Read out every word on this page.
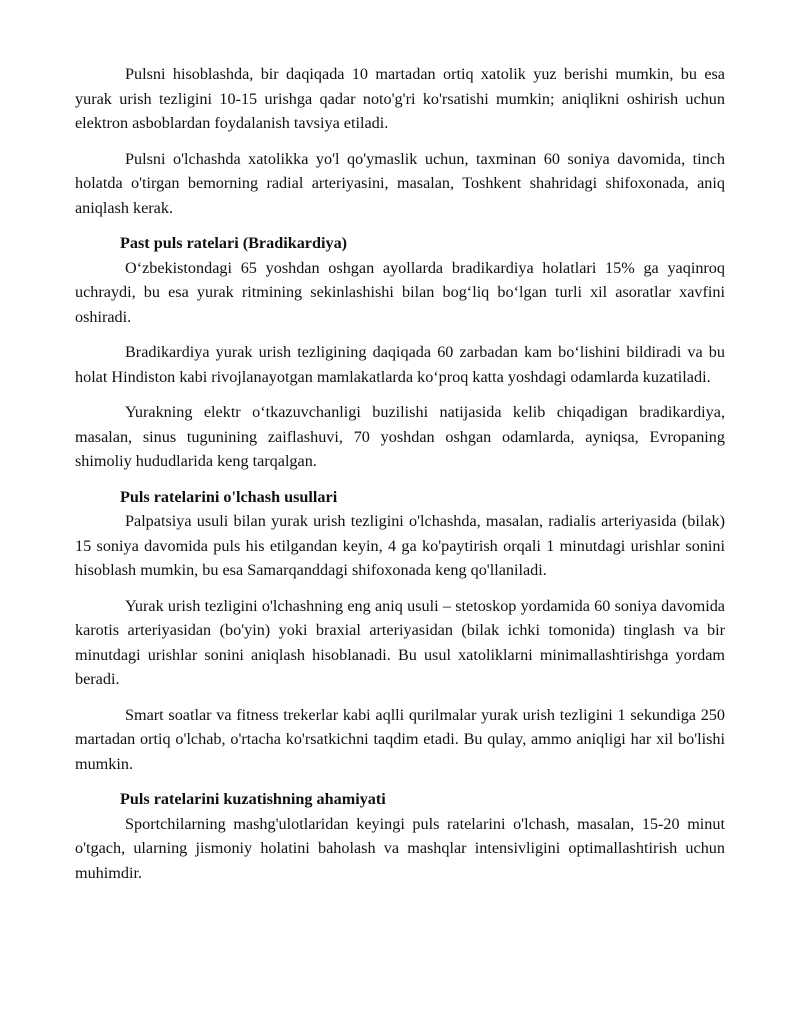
Pulsni hisoblashda, bir daqiqada 10 martadan ortiq xatolik yuz berishi mumkin, bu esa yurak urish tezligini 10-15 urishga qadar noto'g'ri ko'rsatishi mumkin; aniqlikni oshirish uchun elektron asboblardan foydalanish tavsiya etiladi.

Pulsni o'lchashda xatolikka yo'l qo'ymaslik uchun, taxminan 60 soniya davomida, tinch holatda o'tirgan bemorning radial arteriyasini, masalan, Toshkent shahridagi shifoxonada, aniq aniqlash kerak.

Past puls ratelari (Bradikardiya)

O‘zbekistondagi 65 yoshdan oshgan ayollarda bradikardiya holatlari 15% ga yaqinroq uchraydi, bu esa yurak ritmining sekinlashishi bilan bog‘liq bo‘lgan turli xil asoratlar xavfini oshiradi.

Bradikardiya yurak urish tezligining daqiqada 60 zarbadan kam bo‘lishini bildiradi va bu holat Hindiston kabi rivojlanayotgan mamlakatlarda ko‘proq katta yoshdagi odamlarda kuzatiladi.

Yurakning elektr o‘tkazuvchanligi buzilishi natijasida kelib chiqadigan bradikardiya, masalan, sinus tugunining zaiflashuvi, 70 yoshdan oshgan odamlarda, ayniqsa, Evropaning shimoliy hududlarida keng tarqalgan.

Puls ratelarini o'lchash usullari

Palpatsiya usuli bilan yurak urish tezligini o'lchashda, masalan, radialis arteriyasida (bilak) 15 soniya davomida puls his etilgandan keyin, 4 ga ko'paytirish orqali 1 minutdagi urishlar sonini hisoblash mumkin, bu esa Samarqanddagi shifoxonada keng qo'llaniladi.

Yurak urish tezligini o'lchashning eng aniq usuli – stetoskop yordamida 60 soniya davomida karotis arteriyasidan (bo'yin) yoki braxial arteriyasidan (bilak ichki tomonida) tinglash va bir minutdagi urishlar sonini aniqlash hisoblanadi. Bu usul xatoliklarni minimallashtirishga yordam beradi.

Smart soatlar va fitness trekerlar kabi aqlli qurilmalar yurak urish tezligini 1 sekundiga 250 martadan ortiq o'lchab, o'rtacha ko'rsatkichni taqdim etadi. Bu qulay, ammo aniqligi har xil bo'lishi mumkin.

Puls ratelarini kuzatishning ahamiyati

Sportchilarning mashg'ulotlaridan keyingi puls ratelarini o'lchash, masalan, 15-20 minut o'tgach, ularning jismoniy holatini baholash va mashqlar intensivligini optimallashtirish uchun muhimdir.
